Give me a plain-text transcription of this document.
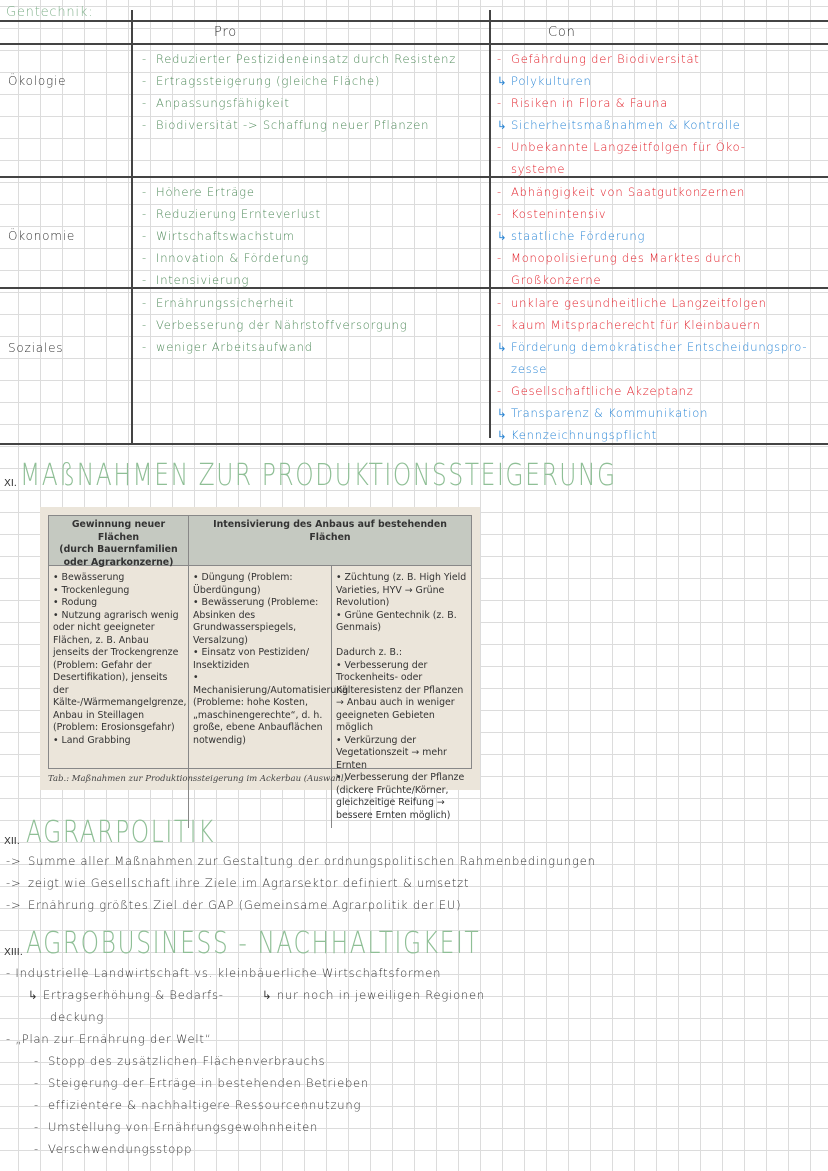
Gentechnik:
Pro	Con
Ökologie
- Reduzierter Pestizideneinsatz durch Resistenz
- Ertragssteigerung (gleiche Fläche)
- Anpassungsfähigkeit
- Biodiversität -> Schaffung neuer Pflanzen
- Gefährdung der Biodiversität
↳ Polykulturen
- Risiken in Flora & Fauna
↳ Sicherheitsmaßnahmen & Kontrolle
- Unbekannte Langzeitfolgen für Öko-
systeme
Ökonomie
- Höhere Erträge
- Reduzierung Ernteverlust
- Wirtschaftswachstum
- Innovation & Förderung
- Intensivierung
- Abhängigkeit von Saatgutkonzernen
- Kostenintensiv
↳ staatliche Förderung
- Monopolisierung des Marktes durch
Großkonzerne
Soziales
- Ernährungssicherheit
- Verbesserung der Nährstoffversorgung
- weniger Arbeitsaufwand
- unklare gesundheitliche Langzeitfolgen
- kaum Mitspracherecht für Kleinbauern
↳ Förderung demokratischer Entscheidungspro-
zesse
- Gesellschaftliche Akzeptanz
↳ Transparenz & Kommunikation
↳ Kennzeichnungspflicht
XI. MAßNAHMEN ZUR PRODUKTIONSSTEIGERUNG
Gewinnung neuer Flächen
(durch Bauernfamilien oder Agrarkonzerne)
Intensivierung des Anbaus auf bestehenden Flächen
• Bewässerung
• Trockenlegung
• Rodung
• Nutzung agrarisch wenig oder nicht geeigneter Flächen, z. B. Anbau jenseits der Trockengrenze (Problem: Gefahr der Desertifikation), jenseits der Kälte-/Wärmemangelgrenze, Anbau in Steillagen (Problem: Erosionsgefahr)
• Land Grabbing
• Düngung (Problem: Überdüngung)
• Bewässerung (Probleme: Absinken des Grundwasserspiegels, Versalzung)
• Einsatz von Pestiziden/ Insektiziden
• Mechanisierung/Automatisierung (Probleme: hohe Kosten, „maschinengerechte“, d. h. große, ebene Anbauflächen notwendig)
• Züchtung (z. B. High Yield Varieties, HYV → Grüne Revolution)
• Grüne Gentechnik (z. B. Genmais)

Dadurch z. B.:
• Verbesserung der Trockenheits- oder Kälteresistenz der Pflanzen → Anbau auch in weniger geeigneten Gebieten möglich
• Verkürzung der Vegetationszeit → mehr Ernten
• Verbesserung der Pflanze (dickere Früchte/Körner, gleichzeitige Reifung → bessere Ernten möglich)
Tab.: Maßnahmen zur Produktionssteigerung im Ackerbau (Auswahl)
XII. AGRARPOLITIK
-> Summe aller Maßnahmen zur Gestaltung der ordnungspolitischen Rahmenbedingungen
-> zeigt wie Gesellschaft ihre Ziele im Agrarsektor definiert & umsetzt
-> Ernährung größtes Ziel der GAP (Gemeinsame Agrarpolitik der EU)
XIII. AGROBUSINESS - NACHHALTIGKEIT
- Industrielle Landwirtschaft vs. kleinbäuerliche Wirtschaftsformen
↳ Ertragserhöhung & Bedarfs-	↳ nur noch in jeweiligen Regionen
deckung
- „Plan zur Ernährung der Welt“
- Stopp des zusätzlichen Flächenverbrauchs
- Steigerung der Erträge in bestehenden Betrieben
- effizientere & nachhaltigere Ressourcennutzung
- Umstellung von Ernährungsgewohnheiten
- Verschwendungsstopp
